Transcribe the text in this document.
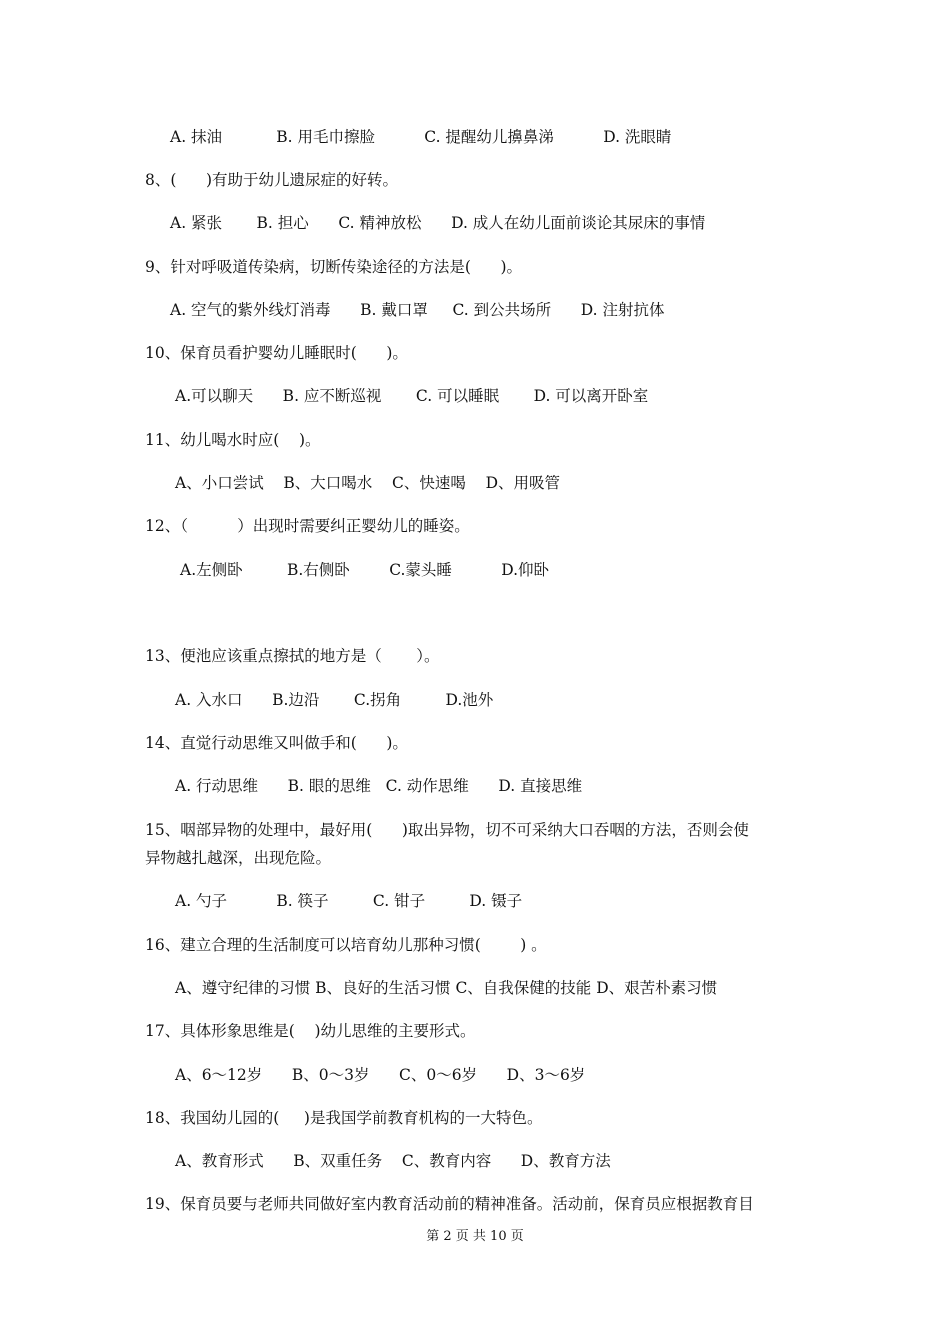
A. 抹油           B. 用毛巾擦脸          C. 提醒幼儿擤鼻涕          D. 洗眼睛
8、(      )有助于幼儿遗尿症的好转。
A. 紧张       B. 担心      C. 精神放松      D. 成人在幼儿面前谈论其尿床的事情
9、针对呼吸道传染病，切断传染途径的方法是(      )。
A. 空气的紫外线灯消毒      B. 戴口罩     C. 到公共场所      D. 注射抗体
10、保育员看护婴幼儿睡眠时(      )。
A.可以聊天      B. 应不断巡视       C. 可以睡眠       D. 可以离开卧室
11、幼儿喝水时应(    )。
A、小口尝试    B、大口喝水    C、快速喝    D、用吸管
12、（          ）出现时需要纠正婴幼儿的睡姿。
A.左侧卧         B.右侧卧        C.蒙头睡          D.仰卧
13、便池应该重点擦拭的地方是（       ）。
A. 入水口      B.边沿       C.拐角         D.池外
14、直觉行动思维又叫做手和(      )。
A. 行动思维      B. 眼的思维   C. 动作思维      D. 直接思维
15、咽部异物的处理中，最好用(      )取出异物，切不可采纳大口吞咽的方法，否则会使
异物越扎越深，出现危险。
A. 勺子          B. 筷子         C. 钳子         D. 镊子
16、建立合理的生活制度可以培育幼儿那种习惯(        ) 。
A、遵守纪律的习惯 B、良好的生活习惯 C、自我保健的技能 D、艰苦朴素习惯
17、具体形象思维是(    )幼儿思维的主要形式。
A、6～12岁      B、0～3岁      C、0～6岁      D、3～6岁
18、我国幼儿园的(     )是我国学前教育机构的一大特色。
A、教育形式      B、双重任务    C、教育内容      D、教育方法
19、保育员要与老师共同做好室内教育活动前的精神准备。活动前，保育员应根据教育目
第 2 页 共 10 页
